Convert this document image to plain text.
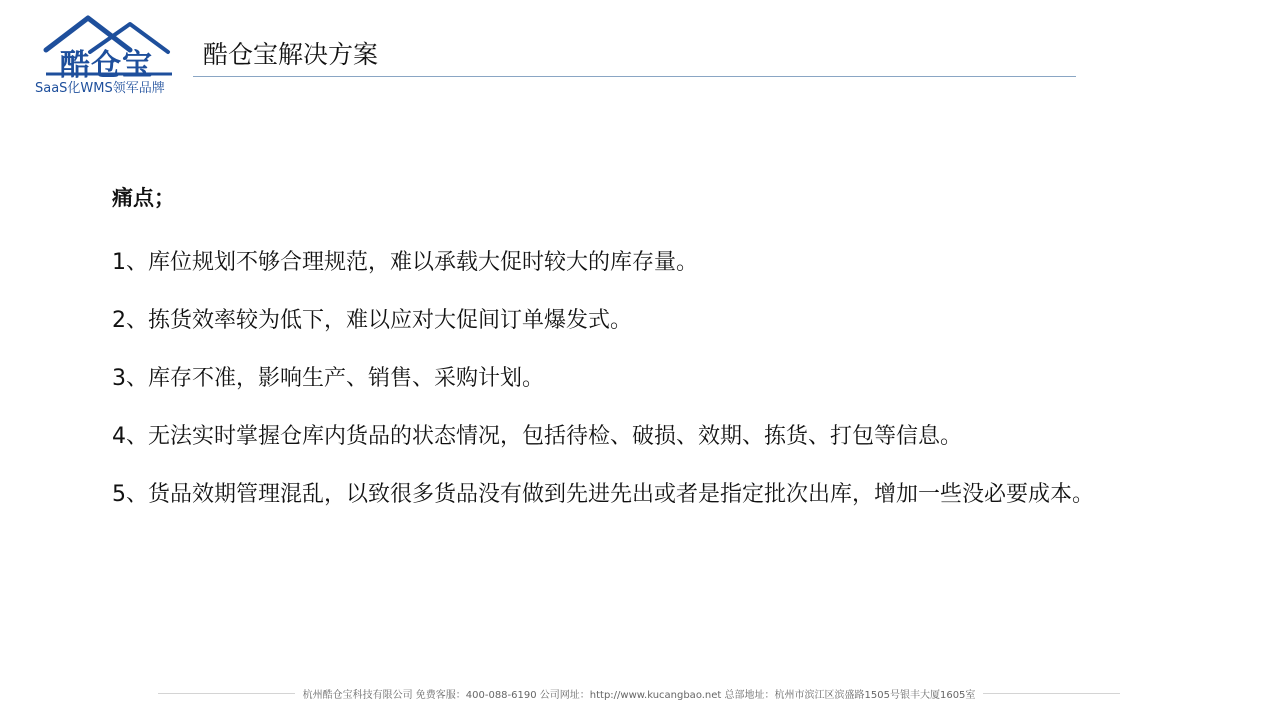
酷仓宝
SaaS化WMS领军品牌
酷仓宝解决方案
痛点；
1、库位规划不够合理规范，难以承载大促时较大的库存量。
2、拣货效率较为低下，难以应对大促间订单爆发式。
3、库存不准，影响生产、销售、采购计划。
4、无法实时掌握仓库内货品的状态情况，包括待检、破损、效期、拣货、打包等信息。
5、货品效期管理混乱，以致很多货品没有做到先进先出或者是指定批次出库，增加一些没必要成本。
杭州酷仓宝科技有限公司 免费客服：400-088-6190 公司网址：http://www.kucangbao.net 总部地址：杭州市滨江区滨盛路1505号银丰大厦1605室
